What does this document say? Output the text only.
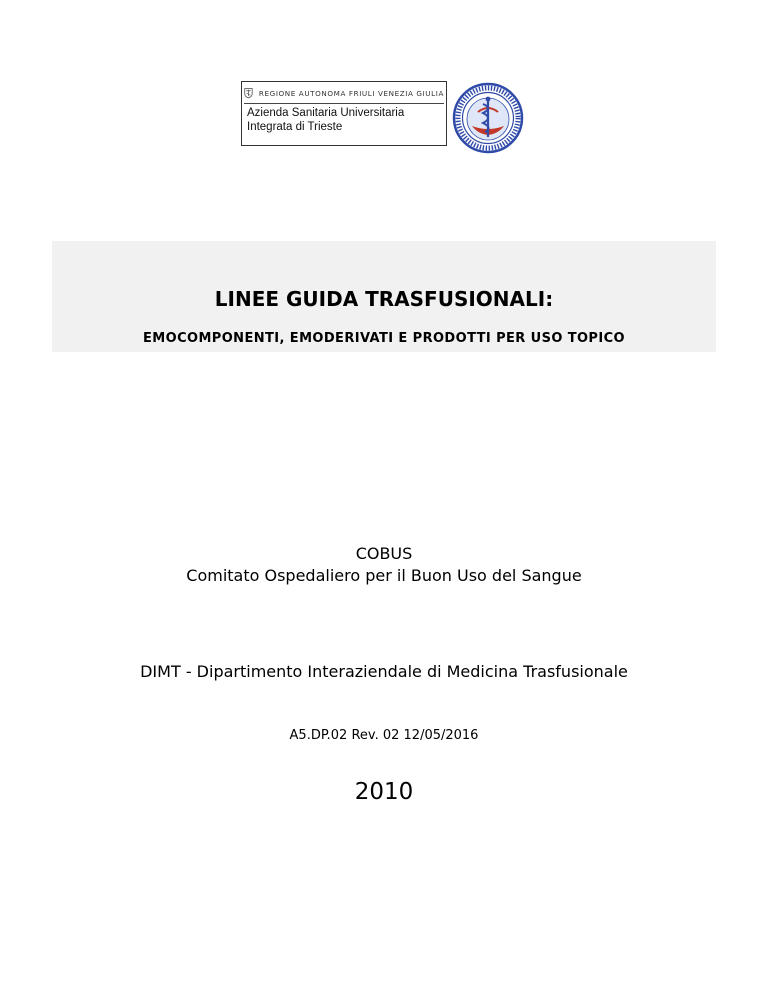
REGIONE AUTONOMA FRIULI VENEZIA GIULIA
Azienda Sanitaria Universitaria
Integrata di Trieste
LINEE GUIDA TRASFUSIONALI:
EMOCOMPONENTI, EMODERIVATI E PRODOTTI PER USO TOPICO
COBUS
Comitato Ospedaliero per il Buon Uso del Sangue
DIMT - Dipartimento Interaziendale di Medicina Trasfusionale
A5.DP.02 Rev. 02 12/05/2016
2010
